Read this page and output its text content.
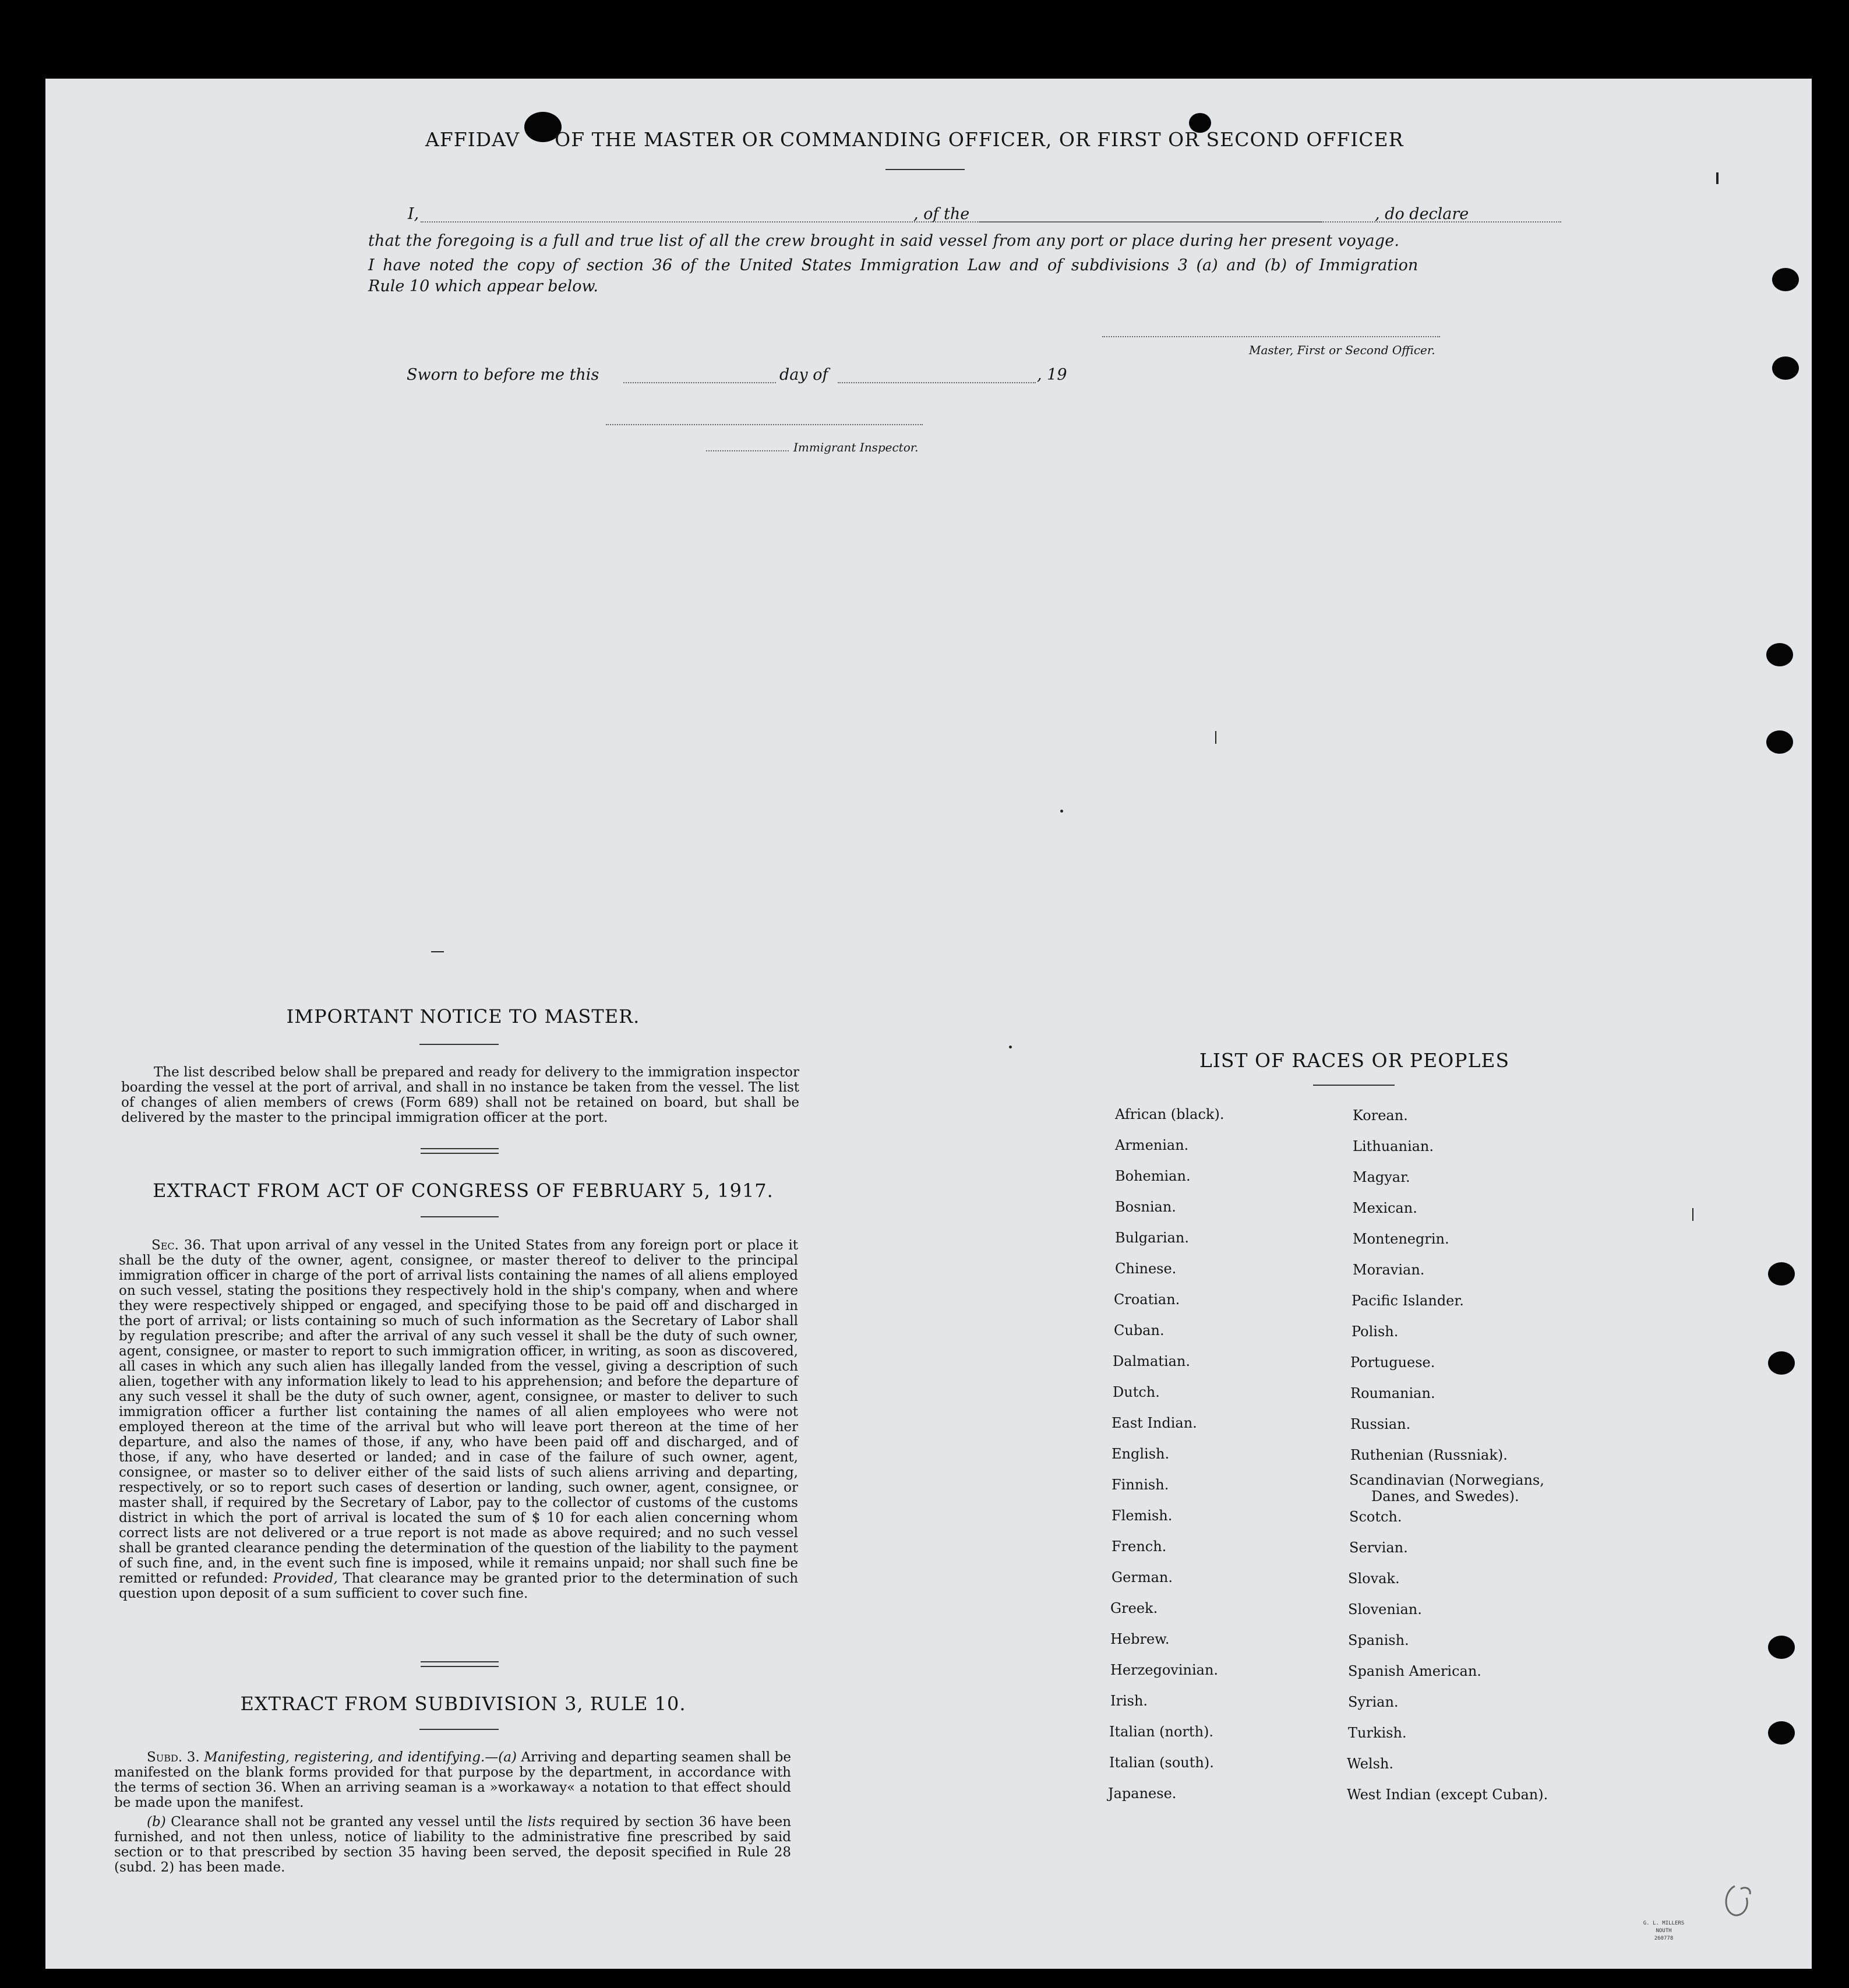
AFFIDAV OF THE MASTER OR COMMANDING OFFICER, OR FIRST OR SECOND OFFICER
I,	, of the	, do declare
that the foregoing is a full and true list of all the crew brought in said vessel from any port or place during her present voyage.
I have noted the copy of section 36 of the United States Immigration Law and of subdivisions 3 (a) and (b) of Immigration
Rule 10 which appear below.
Master, First or Second Officer.
Sworn to before me this	day of	, 19
Immigrant Inspector.
IMPORTANT NOTICE TO MASTER.
The list described below shall be prepared and ready for delivery to the immigration inspector boarding the vessel at the port of arrival, and shall in no instance be taken from the vessel. The list of changes of alien members of crews (Form 689) shall not be retained on board, but shall be delivered by the master to the principal immigration officer at the port.
EXTRACT FROM ACT OF CONGRESS OF FEBRUARY 5, 1917.
Sec. 36. That upon arrival of any vessel in the United States from any foreign port or place it shall be the duty of the owner, agent, consignee, or master thereof to deliver to the principal immigration officer in charge of the port of arrival lists containing the names of all aliens employed on such vessel, stating the positions they respectively hold in the ship's company, when and where they were respectively shipped or engaged, and specifying those to be paid off and discharged in the port of arrival; or lists containing so much of such information as the Secretary of Labor shall by regulation prescribe; and after the arrival of any such vessel it shall be the duty of such owner, agent, consignee, or master to report to such immigration officer, in writing, as soon as discovered, all cases in which any such alien has illegally landed from the vessel, giving a description of such alien, together with any information likely to lead to his apprehension; and before the departure of any such vessel it shall be the duty of such owner, agent, consignee, or master to deliver to such immigration officer a further list containing the names of all alien employees who were not employed thereon at the time of the arrival but who will leave port thereon at the time of her departure, and also the names of those, if any, who have been paid off and discharged, and of those, if any, who have deserted or landed; and in case of the failure of such owner, agent, consignee, or master so to deliver either of the said lists of such aliens arriving and departing, respectively, or so to report such cases of desertion or landing, such owner, agent, consignee, or master shall, if required by the Secretary of Labor, pay to the collector of customs of the customs district in which the port of arrival is located the sum of $ 10 for each alien concerning whom correct lists are not delivered or a true report is not made as above required; and no such vessel shall be granted clearance pending the determination of the question of the liability to the payment of such fine, and, in the event such fine is imposed, while it remains unpaid; nor shall such fine be remitted or refunded: Provided, That clearance may be granted prior to the determination of such question upon deposit of a sum sufficient to cover such fine.
EXTRACT FROM SUBDIVISION 3, RULE 10.
Subd. 3. Manifesting, registering, and identifying.—(a) Arriving and departing seamen shall be manifested on the blank forms provided for that purpose by the department, in accordance with the terms of section 36. When an arriving seaman is a »workaway« a notation to that effect should be made upon the manifest.
(b) Clearance shall not be granted any vessel until the lists required by section 36 have been furnished, and not then unless, notice of liability to the administrative fine prescribed by said section or to that prescribed by section 35 having been served, the deposit specified in Rule 28 (subd. 2) has been made.
LIST OF RACES OR PEOPLES
African (black).
Armenian.
Bohemian.
Bosnian.
Bulgarian.
Chinese.
Croatian.
Cuban.
Dalmatian.
Dutch.
East Indian.
English.
Finnish.
Flemish.
French.
German.
Greek.
Hebrew.
Herzegovinian.
Irish.
Italian (north).
Italian (south).
Japanese.
Korean.
Lithuanian.
Magyar.
Mexican.
Montenegrin.
Moravian.
Pacific Islander.
Polish.
Portuguese.
Roumanian.
Russian.
Ruthenian (Russniak).
Scandinavian (Norwegians,
Danes, and Swedes).
Scotch.
Servian.
Slovak.
Slovenian.
Spanish.
Spanish American.
Syrian.
Turkish.
Welsh.
West Indian (except Cuban).
G. L. MILLERS NOUTH
260778
